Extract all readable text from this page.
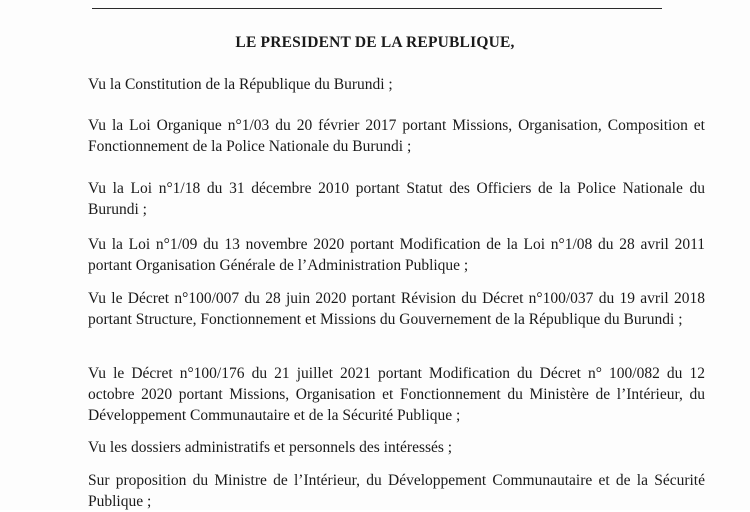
LE PRESIDENT DE LA REPUBLIQUE,

Vu la Constitution de la République du Burundi ;

Vu la Loi Organique n°1/03 du 20 février 2017 portant Missions, Organisation, Composition et Fonctionnement de la Police Nationale du Burundi ;

Vu la Loi n°1/18 du 31 décembre 2010 portant Statut des Officiers de la Police Nationale du Burundi ;

Vu la Loi n°1/09 du 13 novembre 2020 portant Modification de la Loi n°1/08 du 28 avril 2011 portant Organisation Générale de l’Administration Publique ;

Vu le Décret n°100/007 du 28 juin 2020 portant Révision du Décret n°100/037 du 19 avril 2018 portant Structure, Fonctionnement et Missions du Gouvernement de la République du Burundi ;

Vu le Décret n°100/176 du 21 juillet 2021 portant Modification du Décret n° 100/082 du 12 octobre 2020 portant Missions, Organisation et Fonctionnement du Ministère de l’Intérieur, du Développement Communautaire et de la Sécurité Publique ;

Vu les dossiers administratifs et personnels des intéressés ;

Sur proposition du Ministre de l’Intérieur, du Développement Communautaire et de la Sécurité Publique ;
